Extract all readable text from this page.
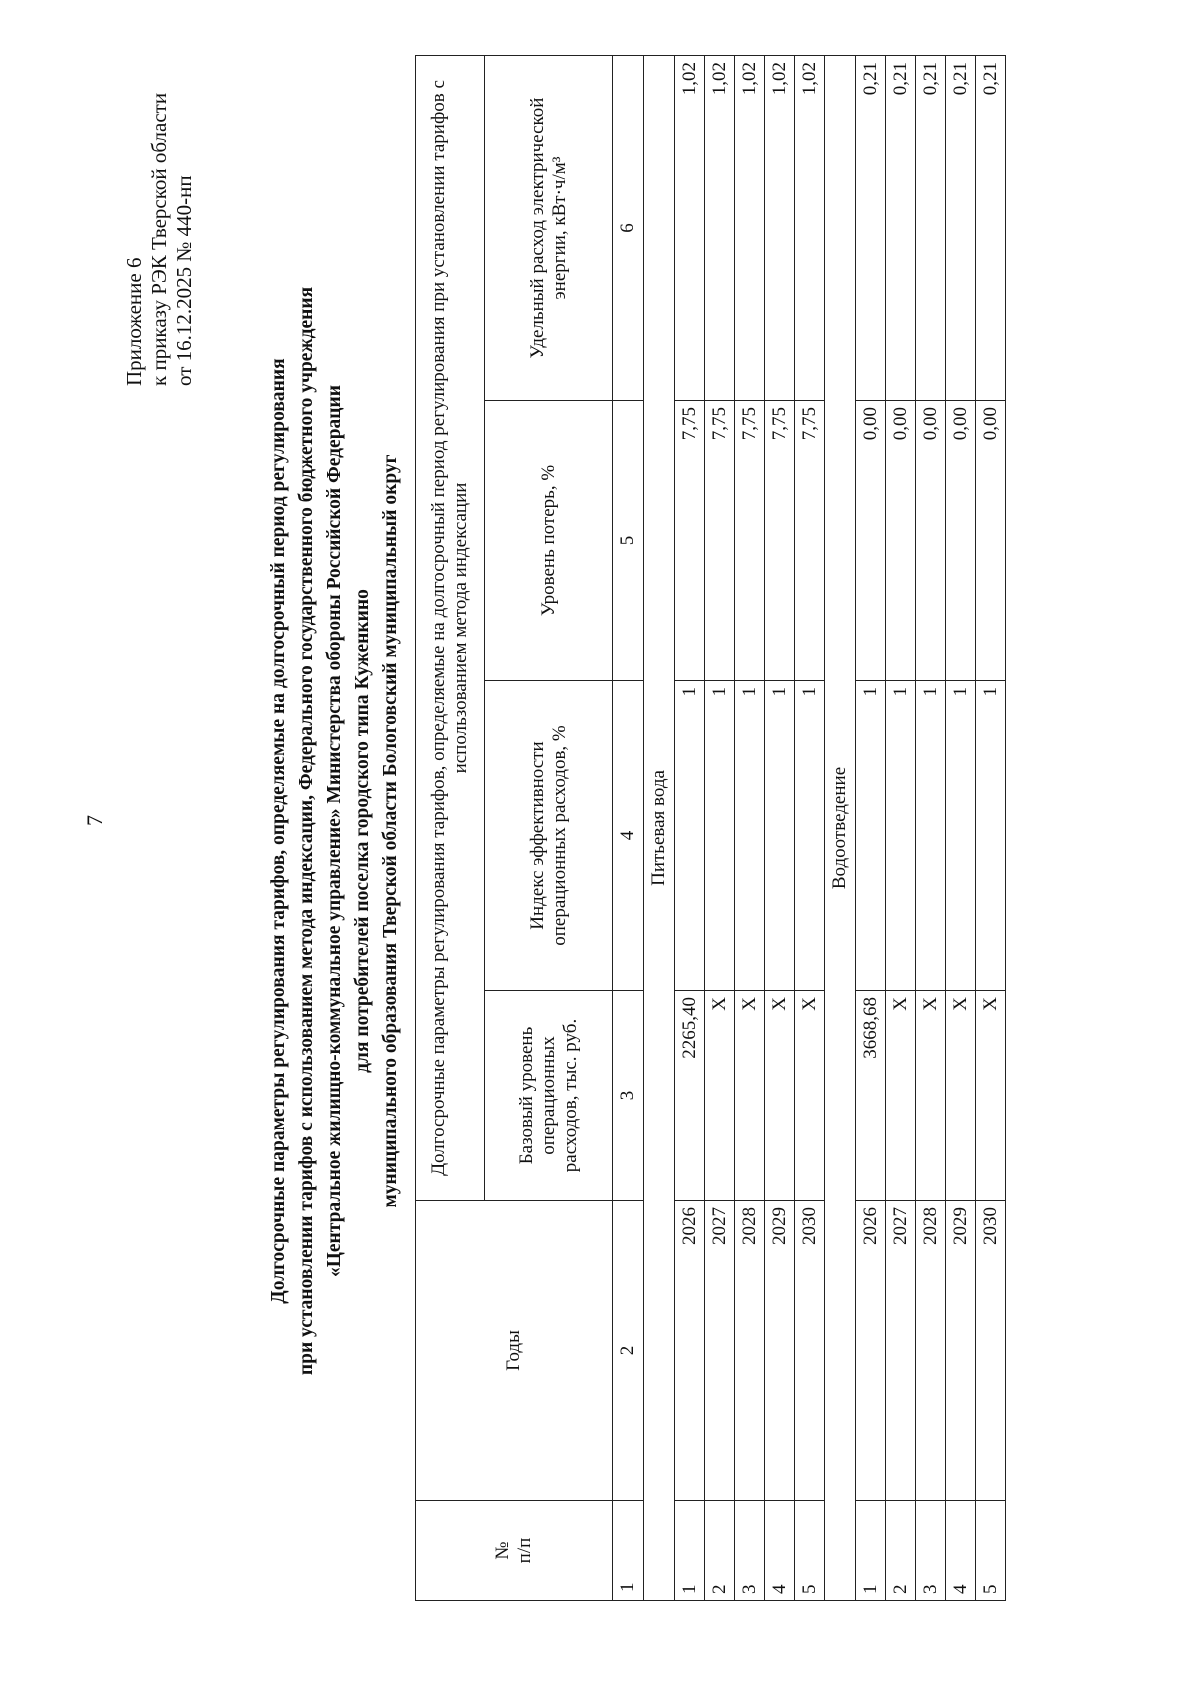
7
Приложение 6 к приказу РЭК Тверской области от 16.12.2025 № 440-нп
Долгосрочные параметры регулирования тарифов, определяемые на долгосрочный период регулирования при установлении тарифов с использованием метода индексации, Федерального государственного бюджетного учреждения «Центральное жилищно-коммунальное управление» Министерства обороны Российской Федерации для потребителей поселка городского типа Куженкино муниципального образования Тверской области Бологовский муниципальный округ
№
п/п	Годы	Долгосрочные параметры регулирования тарифов, определяемые на долгосрочный период регулирования при установлении тарифов с использованием метода индексации			
		Базовый уровень операционных расходов, тыс. руб.	Индекс эффективности операционных расходов, %	Уровень потерь, %	Удельный расход электрической энергии, кВт·ч/м³
1	2	3	4	5	6
Питьевая вода					
1	2026	2265,40	1	7,75	1,02
2	2027	X	1	7,75	1,02
3	2028	X	1	7,75	1,02
4	2029	X	1	7,75	1,02
5	2030	X	1	7,75	1,02
Водоотведение					
1	2026	3668,68	1	0,00	0,21
2	2027	X	1	0,00	0,21
3	2028	X	1	0,00	0,21
4	2029	X	1	0,00	0,21
5	2030	X	1	0,00	0,21
